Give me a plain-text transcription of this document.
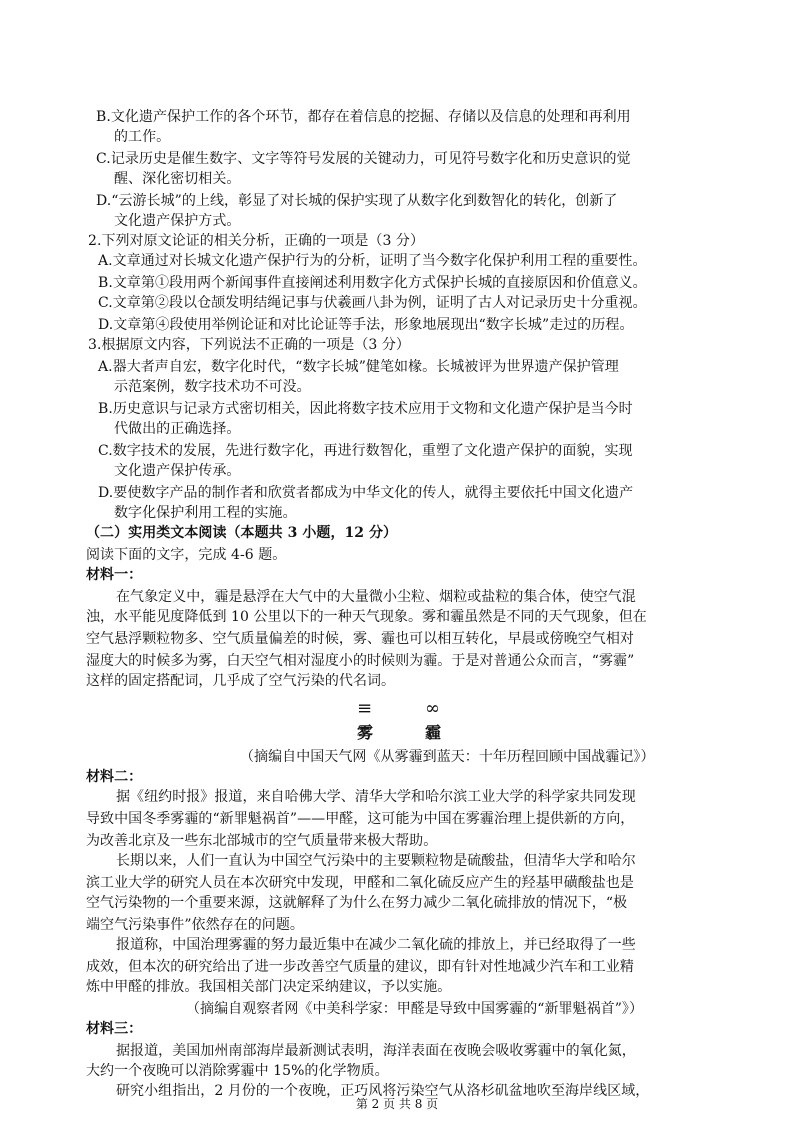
B.文化遗产保护工作的各个环节，都存在着信息的挖掘、存储以及信息的处理和再利用
的工作。
C.记录历史是催生数字、文字等符号发展的关键动力，可见符号数字化和历史意识的觉
醒、深化密切相关。
D.“云游长城”的上线，彰显了对长城的保护实现了从数字化到数智化的转化，创新了
文化遗产保护方式。
2.下列对原文论证的相关分析，正确的一项是（3 分）
A.文章通过对长城文化遗产保护行为的分析，证明了当今数字化保护利用工程的重要性。
B.文章第①段用两个新闻事件直接阐述利用数字化方式保护长城的直接原因和价值意义。
C.文章第②段以仓颉发明结绳记事与伏羲画八卦为例，证明了古人对记录历史十分重视。
D.文章第④段使用举例论证和对比论证等手法，形象地展现出“数字长城”走过的历程。
3.根据原文内容，下列说法不正确的一项是（3 分）
A.器大者声自宏，数字化时代，“数字长城”健笔如椽。长城被评为世界遗产保护管理
示范案例，数字技术功不可没。
B.历史意识与记录方式密切相关，因此将数字技术应用于文物和文化遗产保护是当今时
代做出的正确选择。
C.数字技术的发展，先进行数字化，再进行数智化，重塑了文化遗产保护的面貌，实现
文化遗产保护传承。
D.要使数字产品的制作者和欣赏者都成为中华文化的传人，就得主要依托中国文化遗产
数字化保护利用工程的实施。
（二）实用类文本阅读（本题共 3 小题，12 分）
阅读下面的文字，完成 4-6 题。
材料一：
在气象定义中，霾是悬浮在大气中的大量微小尘粒、烟粒或盐粒的集合体，使空气混
浊，水平能见度降低到 10 公里以下的一种天气现象。雾和霾虽然是不同的天气现象，但在
空气悬浮颗粒物多、空气质量偏差的时候，雾、霾也可以相互转化，早晨或傍晚空气相对
湿度大的时候多为雾，白天空气相对湿度小的时候则为霾。于是对普通公众而言，“雾霾”
这样的固定搭配词，几乎成了空气污染的代名词。
≡	∞
雾	霾
（摘编自中国天气网《从雾霾到蓝天：十年历程回顾中国战霾记》）
材料二：
据《纽约时报》报道，来自哈佛大学、清华大学和哈尔滨工业大学的科学家共同发现
导致中国冬季雾霾的“新罪魁祸首”——甲醛，这可能为中国在雾霾治理上提供新的方向，
为改善北京及一些东北部城市的空气质量带来极大帮助。
长期以来，人们一直认为中国空气污染中的主要颗粒物是硫酸盐，但清华大学和哈尔
滨工业大学的研究人员在本次研究中发现，甲醛和二氧化硫反应产生的羟基甲磺酸盐也是
空气污染物的一个重要来源，这就解释了为什么在努力减少二氧化硫排放的情况下，“极
端空气污染事件”依然存在的问题。
报道称，中国治理雾霾的努力最近集中在减少二氧化硫的排放上，并已经取得了一些
成效，但本次的研究给出了进一步改善空气质量的建议，即有针对性地减少汽车和工业精
炼中甲醛的排放。我国相关部门决定采纳建议，予以实施。
（摘编自观察者网《中美科学家：甲醛是导致中国雾霾的“新罪魁祸首”》）
材料三：
据报道，美国加州南部海岸最新测试表明，海洋表面在夜晚会吸收雾霾中的氧化氮，
大约一个夜晚可以消除雾霾中 15%的化学物质。
研究小组指出，2 月份的一个夜晚，正巧风将污染空气从洛杉矶盆地吹至海岸线区域，
第 2 页 共 8 页
